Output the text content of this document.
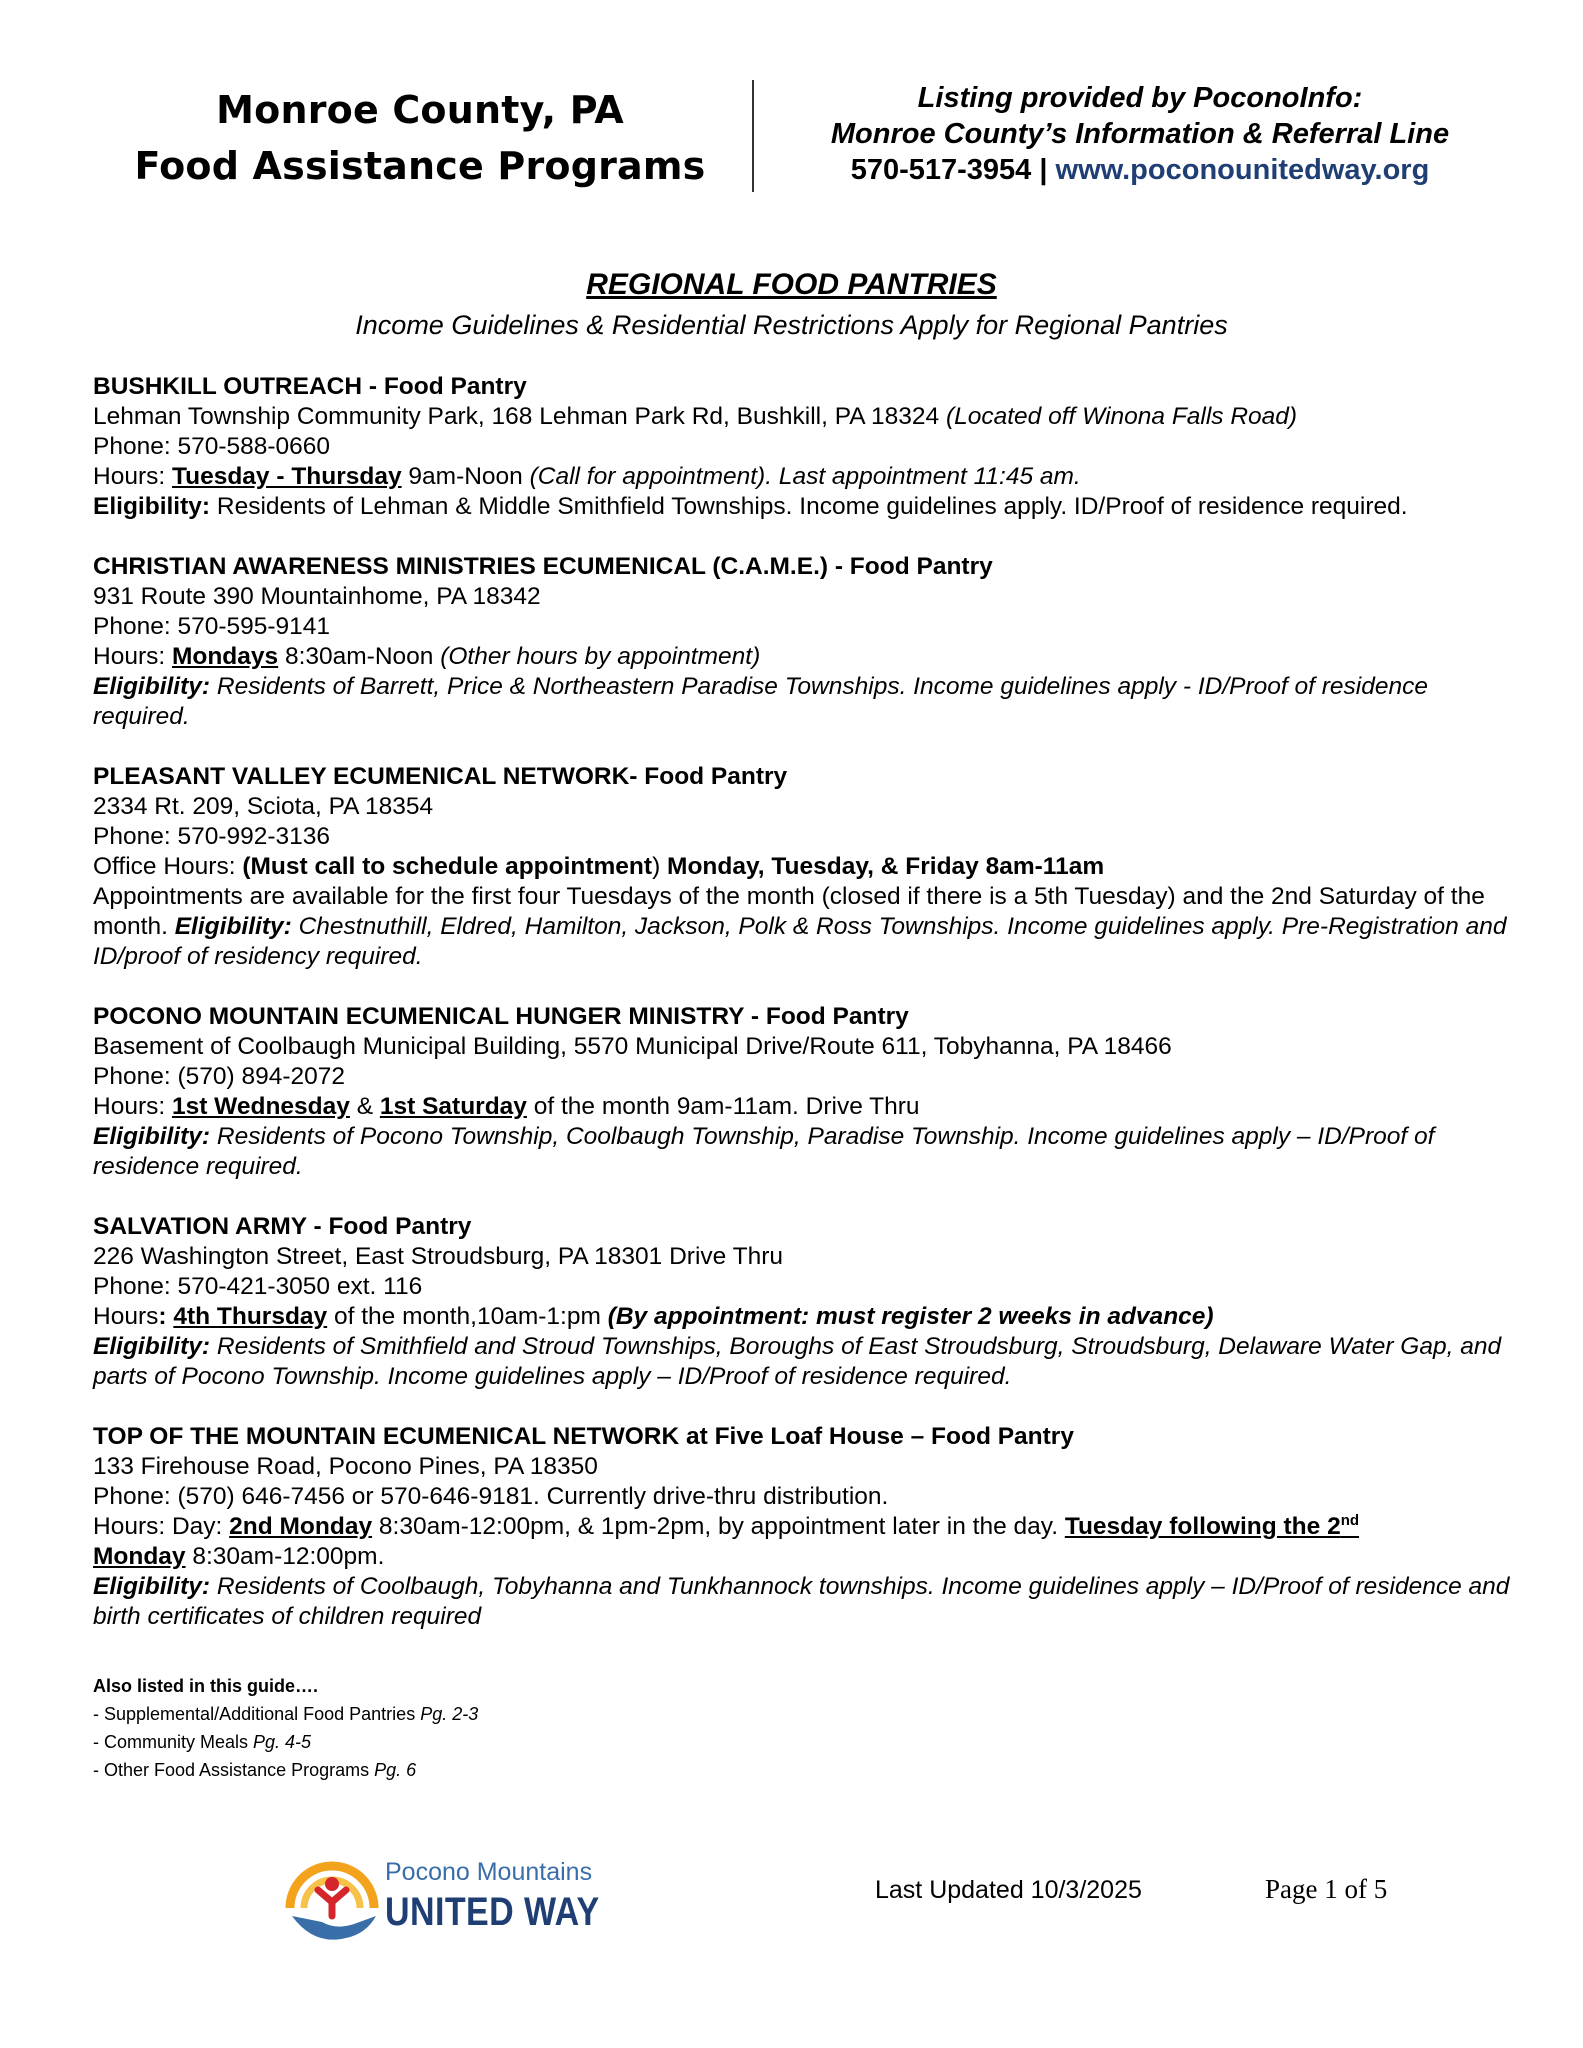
Monroe County, PA
Food Assistance Programs
Listing provided by PoconoInfo:
Monroe County’s Information & Referral Line
570-517-3954 | www.poconounitedway.org
REGIONAL FOOD PANTRIES
Income Guidelines & Residential Restrictions Apply for Regional Pantries
BUSHKILL OUTREACH - Food Pantry
Lehman Township Community Park, 168 Lehman Park Rd, Bushkill, PA 18324 (Located off Winona Falls Road)
Phone: 570-588-0660
Hours: Tuesday - Thursday 9am-Noon (Call for appointment). Last appointment 11:45 am.
Eligibility: Residents of Lehman & Middle Smithfield Townships. Income guidelines apply. ID/Proof of residence required.
CHRISTIAN AWARENESS MINISTRIES ECUMENICAL (C.A.M.E.) - Food Pantry
931 Route 390 Mountainhome, PA 18342
Phone: 570-595-9141
Hours: Mondays 8:30am-Noon (Other hours by appointment)
Eligibility: Residents of Barrett, Price & Northeastern Paradise Townships. Income guidelines apply - ID/Proof of residence required.
PLEASANT VALLEY ECUMENICAL NETWORK- Food Pantry
2334 Rt. 209, Sciota, PA 18354
Phone: 570-992-3136
Office Hours: (Must call to schedule appointment) Monday, Tuesday, & Friday 8am-11am
Appointments are available for the first four Tuesdays of the month (closed if there is a 5th Tuesday) and the 2nd Saturday of the month. Eligibility: Chestnuthill, Eldred, Hamilton, Jackson, Polk & Ross Townships. Income guidelines apply. Pre-Registration and ID/proof of residency required.
POCONO MOUNTAIN ECUMENICAL HUNGER MINISTRY - Food Pantry
Basement of Coolbaugh Municipal Building, 5570 Municipal Drive/Route 611, Tobyhanna, PA 18466
Phone: (570) 894-2072
Hours: 1st Wednesday & 1st Saturday of the month 9am-11am. Drive Thru
Eligibility: Residents of Pocono Township, Coolbaugh Township, Paradise Township. Income guidelines apply – ID/Proof of residence required.
SALVATION ARMY - Food Pantry
226 Washington Street, East Stroudsburg, PA 18301 Drive Thru
Phone: 570-421-3050 ext. 116
Hours: 4th Thursday of the month,10am-1:pm (By appointment: must register 2 weeks in advance)
Eligibility: Residents of Smithfield and Stroud Townships, Boroughs of East Stroudsburg, Stroudsburg, Delaware Water Gap, and parts of Pocono Township. Income guidelines apply – ID/Proof of residence required.
TOP OF THE MOUNTAIN ECUMENICAL NETWORK at Five Loaf House – Food Pantry
133 Firehouse Road, Pocono Pines, PA 18350
Phone: (570) 646-7456 or 570-646-9181. Currently drive-thru distribution.
Hours: Day: 2nd Monday 8:30am-12:00pm, & 1pm-2pm, by appointment later in the day. Tuesday following the 2nd
Monday 8:30am-12:00pm.
Eligibility: Residents of Coolbaugh, Tobyhanna and Tunkhannock townships. Income guidelines apply – ID/Proof of residence and birth certificates of children required
Also listed in this guide….
- Supplemental/Additional Food Pantries Pg. 2-3
- Community Meals Pg. 4-5
- Other Food Assistance Programs Pg. 6
Pocono Mountains
UNITED WAY	Last Updated 10/3/2025	Page 1 of 5
